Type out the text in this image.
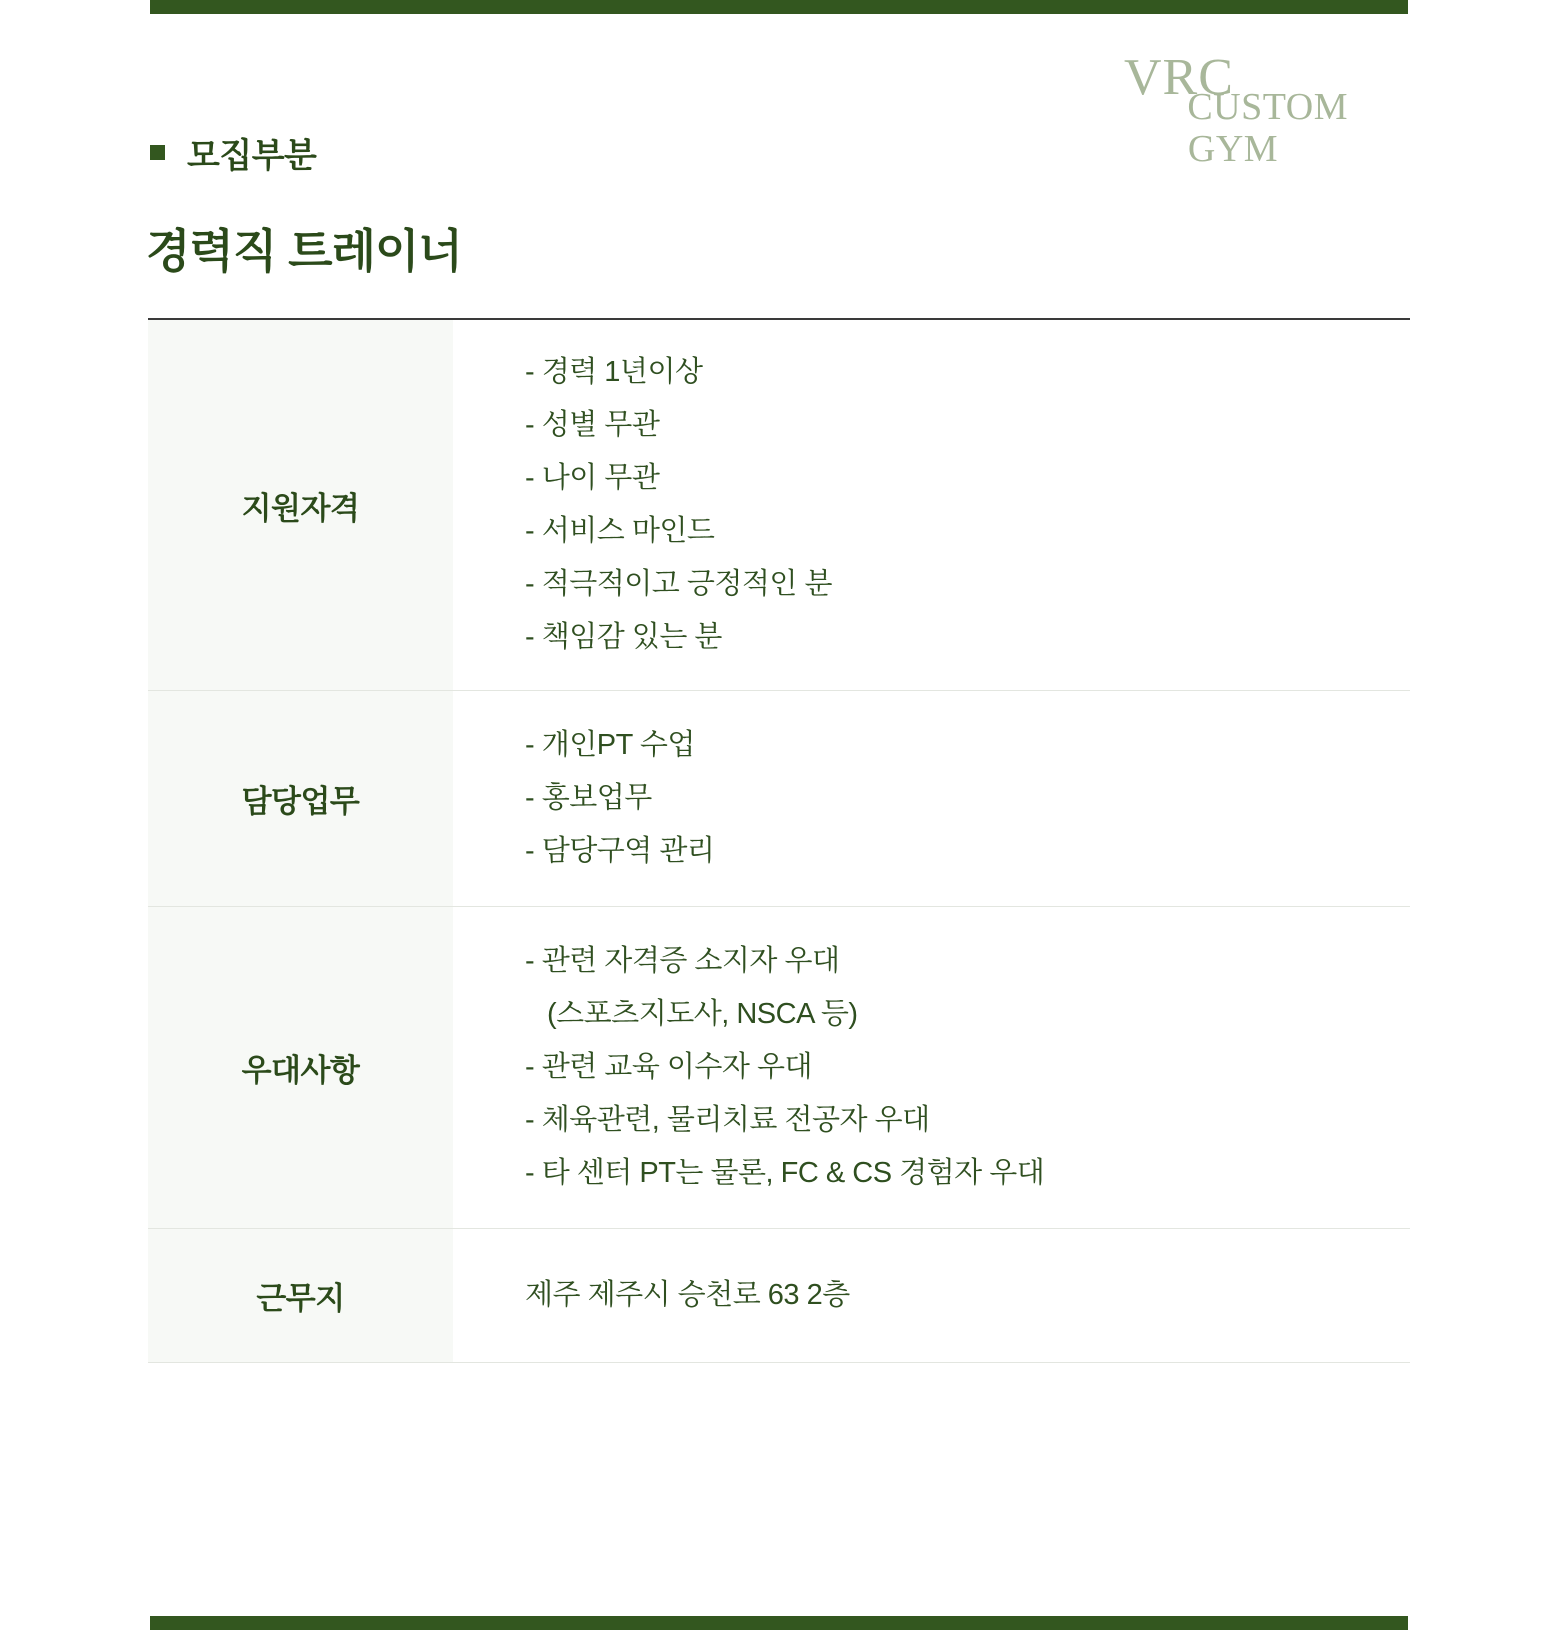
VRC
CUSTOM
GYM
모집부분
경력직 트레이너
지원자격
- 경력 1년이상
- 성별 무관
- 나이 무관
- 서비스 마인드
- 적극적이고 긍정적인 분
- 책임감 있는 분
담당업무
- 개인PT 수업
- 홍보업무
- 담당구역 관리
우대사항
- 관련 자격증 소지자 우대
(스포츠지도사, NSCA 등)
- 관련 교육 이수자 우대
- 체육관련, 물리치료 전공자 우대
- 타 센터 PT는 물론, FC & CS 경험자 우대
근무지	제주 제주시 승천로 63 2층
